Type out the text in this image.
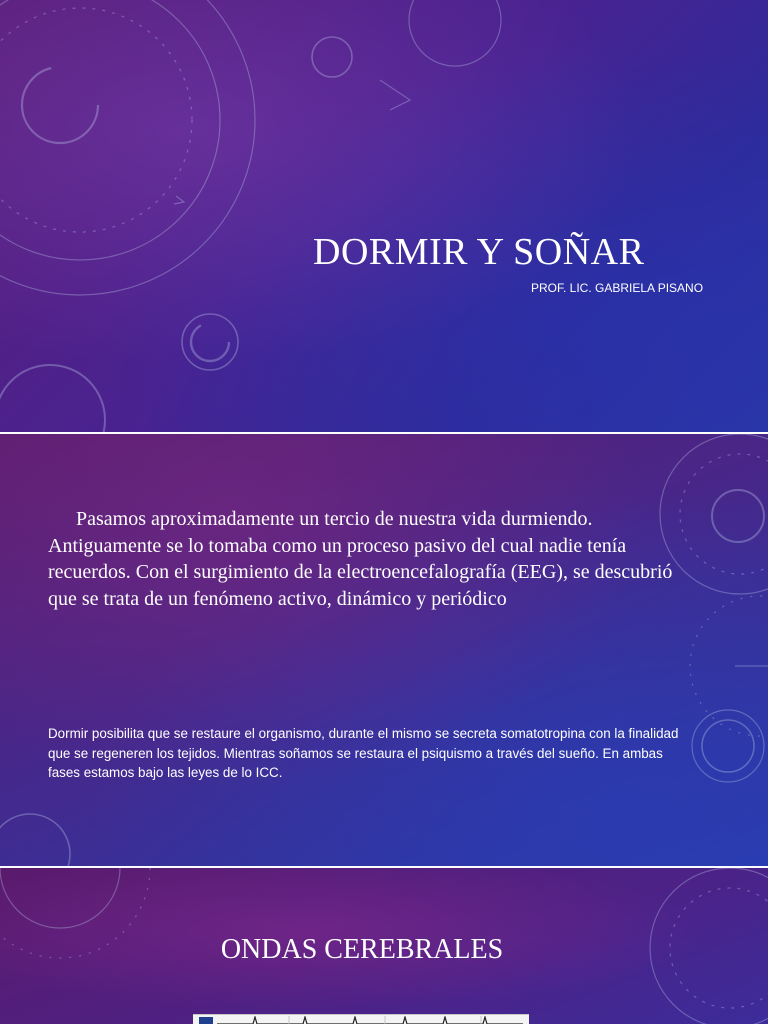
DORMIR Y SOÑAR
PROF. LIC. GABRIELA PISANO

Pasamos aproximadamente un tercio de nuestra vida durmiendo. Antiguamente se lo tomaba como un proceso pasivo del cual nadie tenía recuerdos. Con el surgimiento de la electroencefalografía (EEG), se descubrió que se trata de un fenómeno activo, dinámico y periódico

Dormir posibilita que se restaure el organismo, durante el mismo se secreta somatotropina con la finalidad que se regeneren los tejidos. Mientras soñamos se restaura el psiquismo a través del sueño. En ambas fases estamos bajo las leyes de lo ICC.

ONDAS CEREBRALES
